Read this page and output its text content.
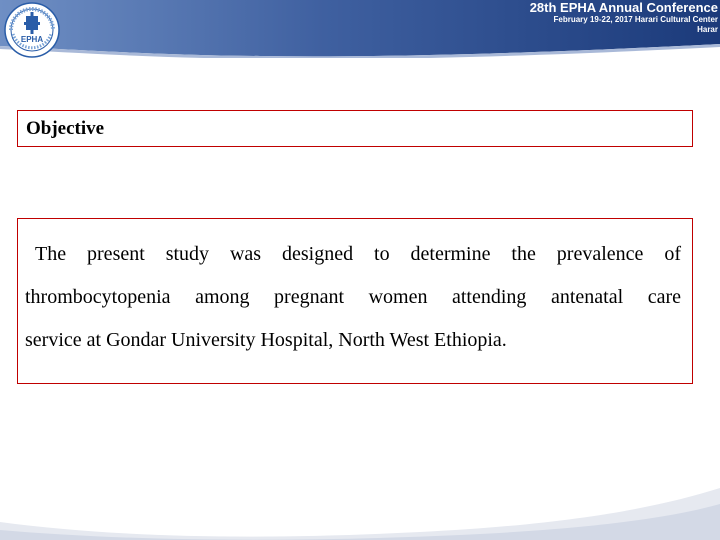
28th EPHA Annual Conference
February 19-22, 2017 Harari Cultural Center
Harar
EPHA
Objective
The present study was designed to determine the prevalence of
thrombocytopenia among pregnant women attending antenatal care
service at Gondar University Hospital, North West Ethiopia.
